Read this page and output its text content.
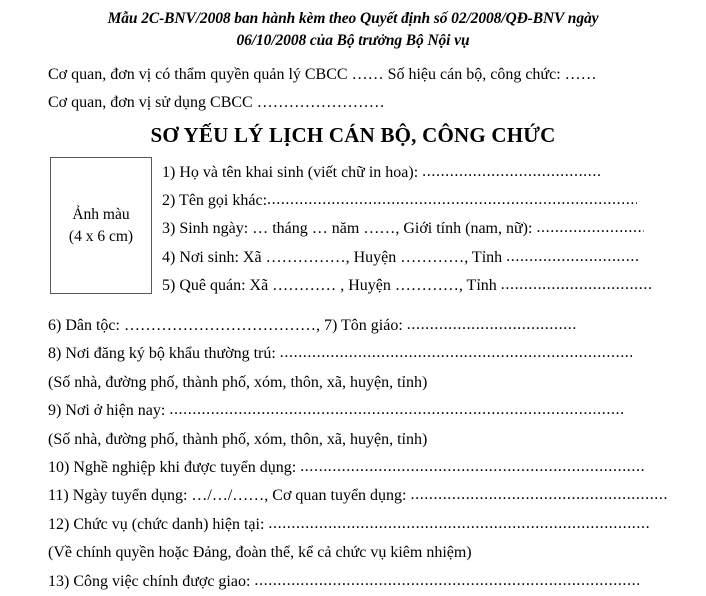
Mẫu 2C-BNV/2008 ban hành kèm theo Quyết định số 02/2008/QĐ-BNV ngày
06/10/2008 của Bộ trưởng Bộ Nội vụ
Cơ quan, đơn vị có thẩm quyền quản lý CBCC …… Số hiệu cán bộ, công chức: ……
Cơ quan, đơn vị sử dụng CBCC ……………………
SƠ YẾU LÝ LỊCH CÁN BỘ, CÔNG CHỨC
Ảnh màu
(4 x 6 cm)
1) Họ và tên khai sinh (viết chữ in hoa): .....
2) Tên gọi khác:.....
3) Sinh ngày: … tháng … năm ……, Giới tính (nam, nữ): .....
4) Nơi sinh: Xã ……………, Huyện …………, Tỉnh .....
5) Quê quán: Xã ………… , Huyện …………, Tỉnh .....
6) Dân tộc: ………………………………, 7) Tôn giáo: .....
8) Nơi đăng ký bộ khẩu thường trú: .....
(Số nhà, đường phố, thành phố, xóm, thôn, xã, huyện, tỉnh)
9) Nơi ở hiện nay: .....
(Số nhà, đường phố, thành phố, xóm, thôn, xã, huyện, tỉnh)
10) Nghề nghiệp khi được tuyển dụng: .....
11) Ngày tuyển dụng: …/…/……, Cơ quan tuyển dụng: .....
12) Chức vụ (chức danh) hiện tại: .....
(Về chính quyền hoặc Đảng, đoàn thể, kể cả chức vụ kiêm nhiệm)
13) Công việc chính được giao: .....
